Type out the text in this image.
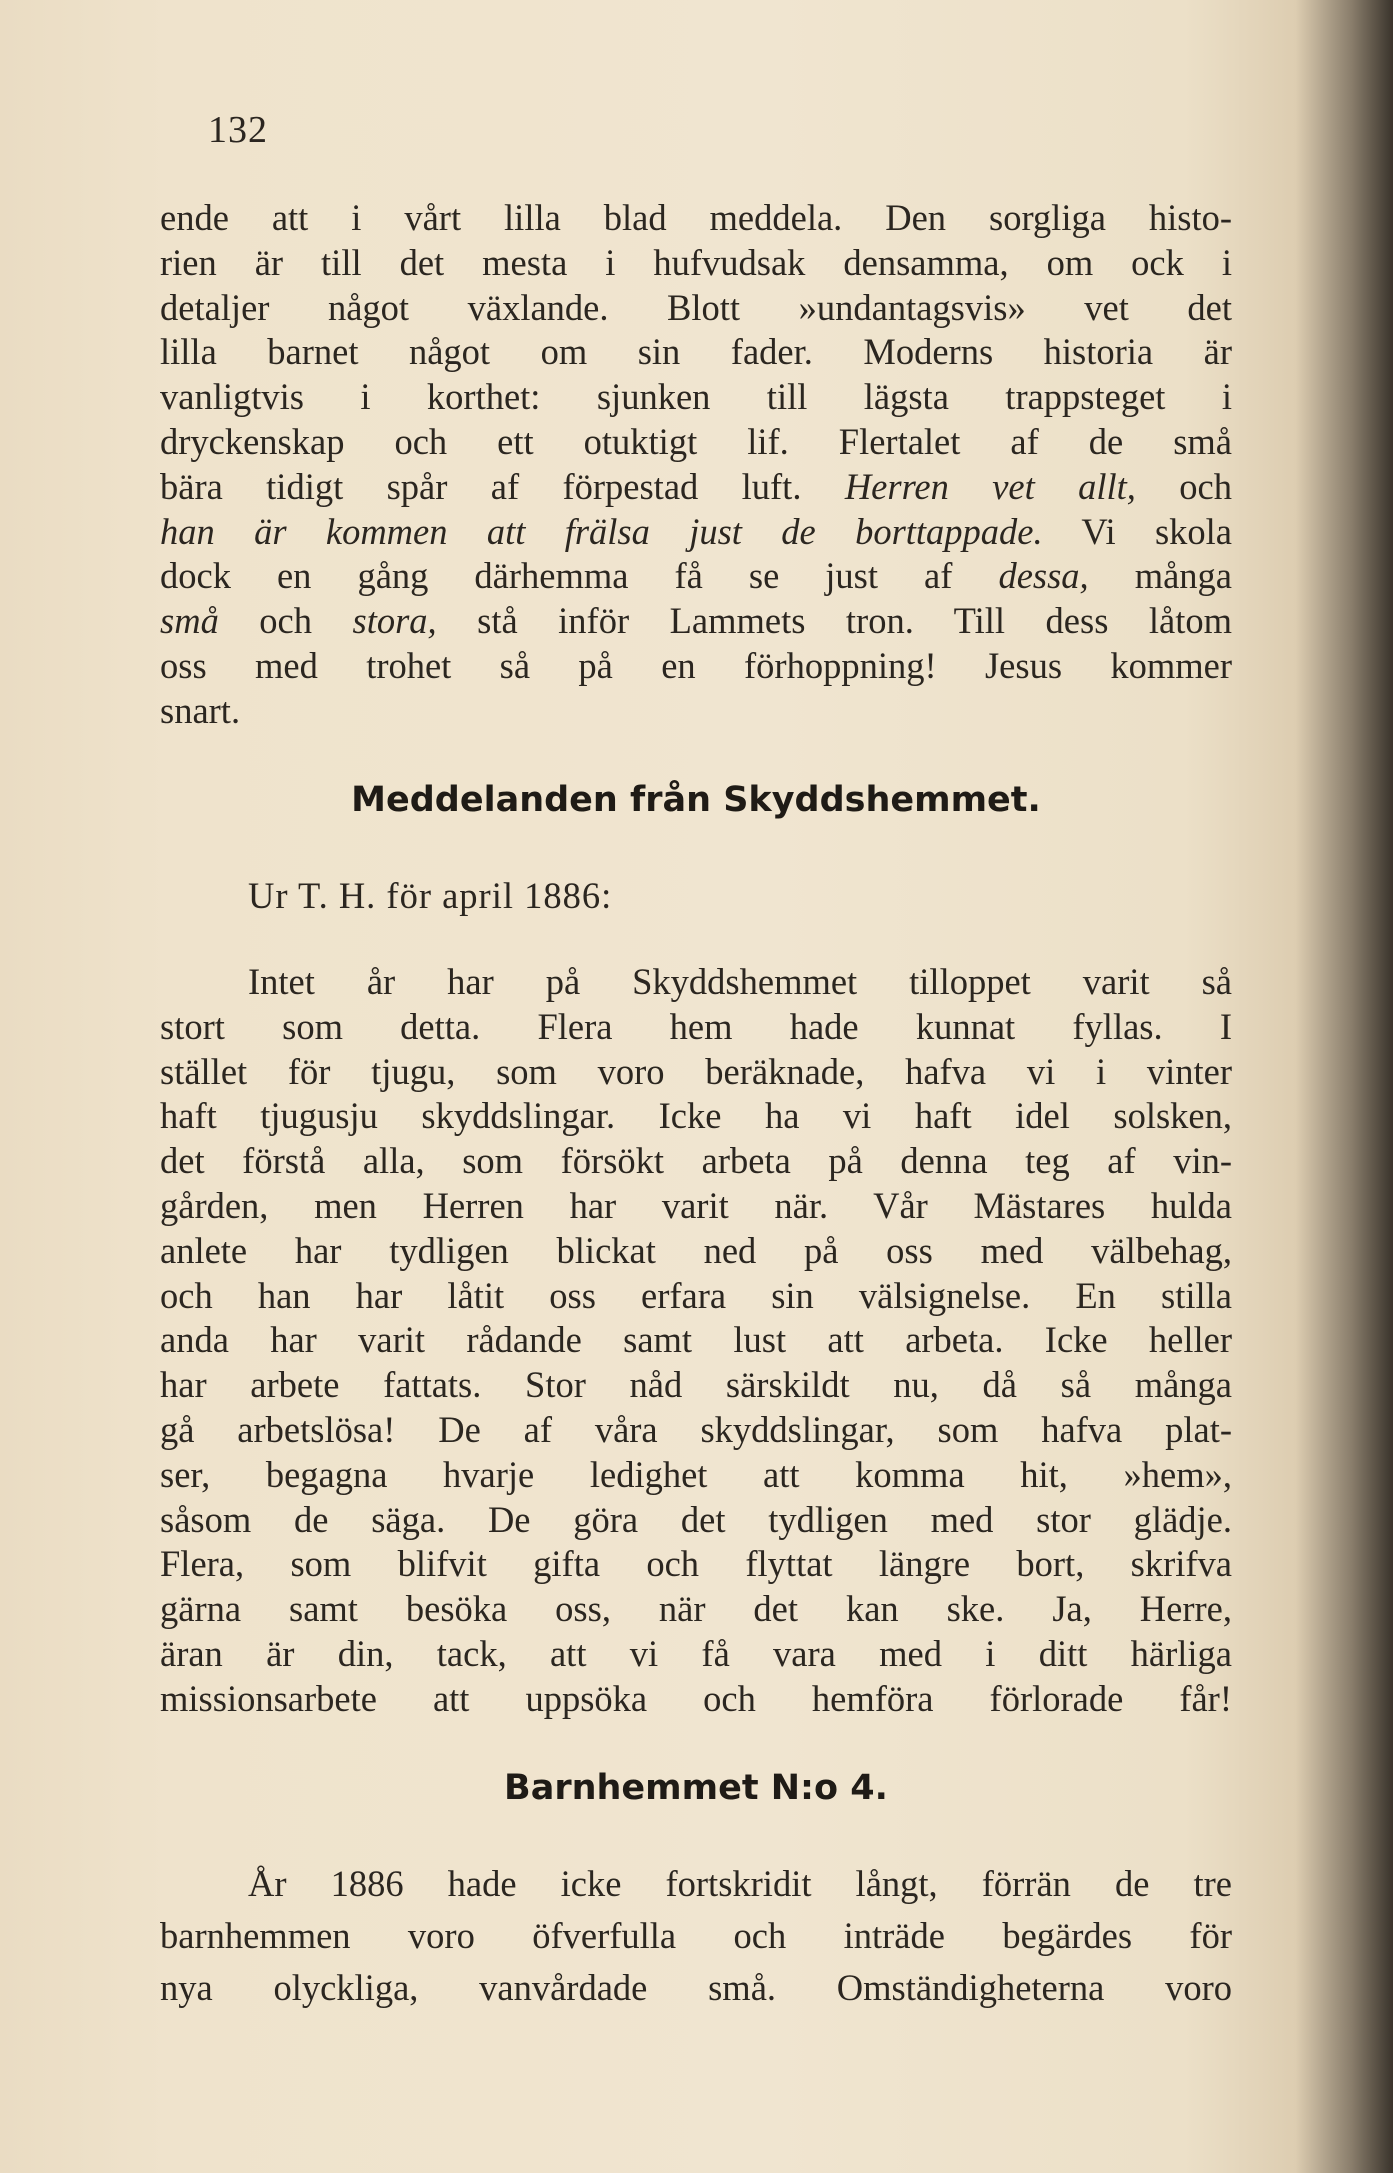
132
ende att i vårt lilla blad meddela. Den sorgliga histo-
rien är till det mesta i hufvudsak densamma, om ock i
detaljer något växlande. Blott »undantagsvis» vet det
lilla barnet något om sin fader. Moderns historia är
vanligtvis i korthet: sjunken till lägsta trappsteget i
dryckenskap och ett otuktigt lif. Flertalet af de små
bära tidigt spår af förpestad luft. Herren vet allt, och
han är kommen att frälsa just de borttappade. Vi skola
dock en gång därhemma få se just af dessa, många
små och stora, stå inför Lammets tron. Till dess låtom
oss med trohet så på en förhoppning! Jesus kommer
snart.
Meddelanden från Skyddshemmet.

Ur T. H. för april 1886:

Intet år har på Skyddshemmet tilloppet varit så
stort som detta. Flera hem hade kunnat fyllas. I
stället för tjugu, som voro beräknade, hafva vi i vinter
haft tjugusju skyddslingar. Icke ha vi haft idel solsken,
det förstå alla, som försökt arbeta på denna teg af vin-
gården, men Herren har varit när. Vår Mästares hulda
anlete har tydligen blickat ned på oss med välbehag,
och han har låtit oss erfara sin välsignelse. En stilla
anda har varit rådande samt lust att arbeta. Icke heller
har arbete fattats. Stor nåd särskildt nu, då så många
gå arbetslösa! De af våra skyddslingar, som hafva plat-
ser, begagna hvarje ledighet att komma hit, »hem»,
såsom de säga. De göra det tydligen med stor glädje.
Flera, som blifvit gifta och flyttat längre bort, skrifva
gärna samt besöka oss, när det kan ske. Ja, Herre,
äran är din, tack, att vi få vara med i ditt härliga
missionsarbete att uppsöka och hemföra förlorade får!
Barnhemmet N:o 4.
År 1886 hade icke fortskridit långt, förrän de tre
barnhemmen voro öfverfulla och inträde begärdes för
nya olyckliga, vanvårdade små. Omständigheterna voro
